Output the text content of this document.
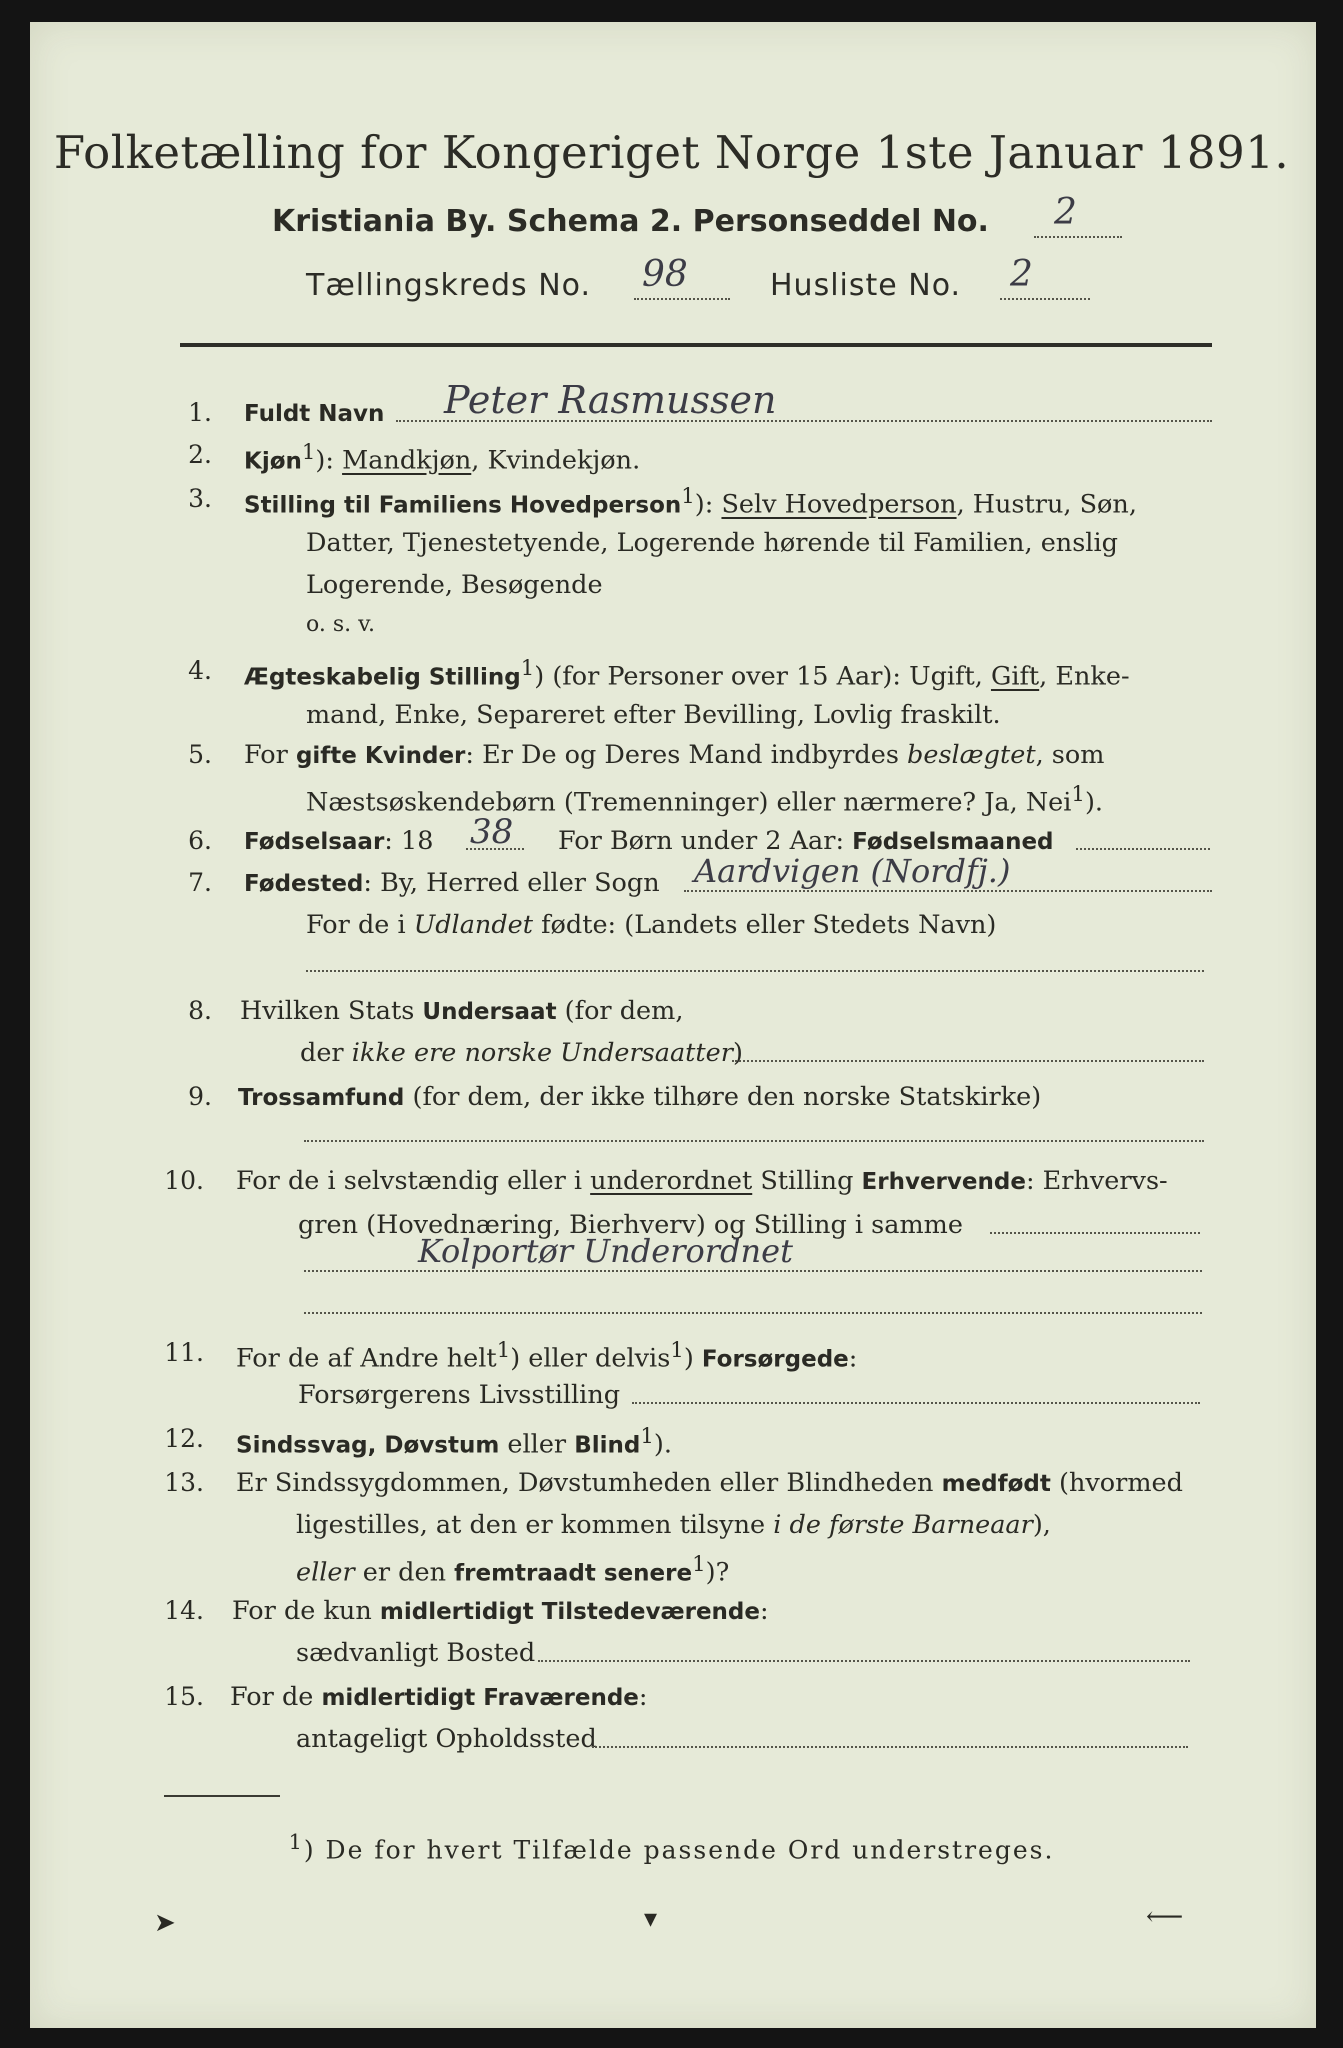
Folketælling for Kongeriget Norge 1ste Januar 1891.
Kristiania By. Schema 2. Personseddel No. 2
Tællingskreds No. 98	Husliste No. 2
1. Fuldt Navn Peter Rasmussen
2. Kjøn$^1$): Mandkjøn, Kvindekjøn.
3. Stilling til Familiens Hovedperson$^1$): Selv Hovedperson, Hustru, Søn,
Datter, Tjenestetyende, Logerende hørende til Familien, enslig
Logerende, Besøgende
o. s. v.
4. Ægteskabelig Stilling$^1$) (for Personer over 15 Aar): Ugift, Gift, Enke-
mand, Enke, Separeret efter Bevilling, Lovlig fraskilt.
5. For gifte Kvinder: Er De og Deres Mand indbyrdes beslægtet, som
Næstsøskendebørn (Tremenninger) eller nærmere? Ja, Nei$^1$).
6. Fødselsaar: 18 38 For Børn under 2 Aar: Fødselsmaaned
7. Fødested: By, Herred eller Sogn Aardvigen (Nordfj.)
For de i Udlandet fødte: (Landets eller Stedets Navn)
8. Hvilken Stats Undersaat (for dem,
der ikke ere norske Undersaatter)
9. Trossamfund (for dem, der ikke tilhøre den norske Statskirke)
10. For de i selvstændig eller i underordnet Stilling Erhvervende: Erhvervs-
gren (Hovednæring, Bierhverv) og Stilling i samme
Kolportør Underordnet
11. For de af Andre helt$^1$) eller delvis$^1$) Forsørgede:
Forsørgerens Livsstilling
12. Sindssvag, Døvstum eller Blind$^1$).
13. Er Sindssygdommen, Døvstumheden eller Blindheden medfødt (hvormed
ligestilles, at den er kommen tilsyne i de første Barneaar),
eller er den fremtraadt senere$^1$)?
14. For de kun midlertidigt Tilstedeværende:
sædvanligt Bosted
15. For de midlertidigt Fraværende:
antageligt Opholdssted
$^1$) De for hvert Tilfælde passende Ord understreges.
➤	▾	⟵
